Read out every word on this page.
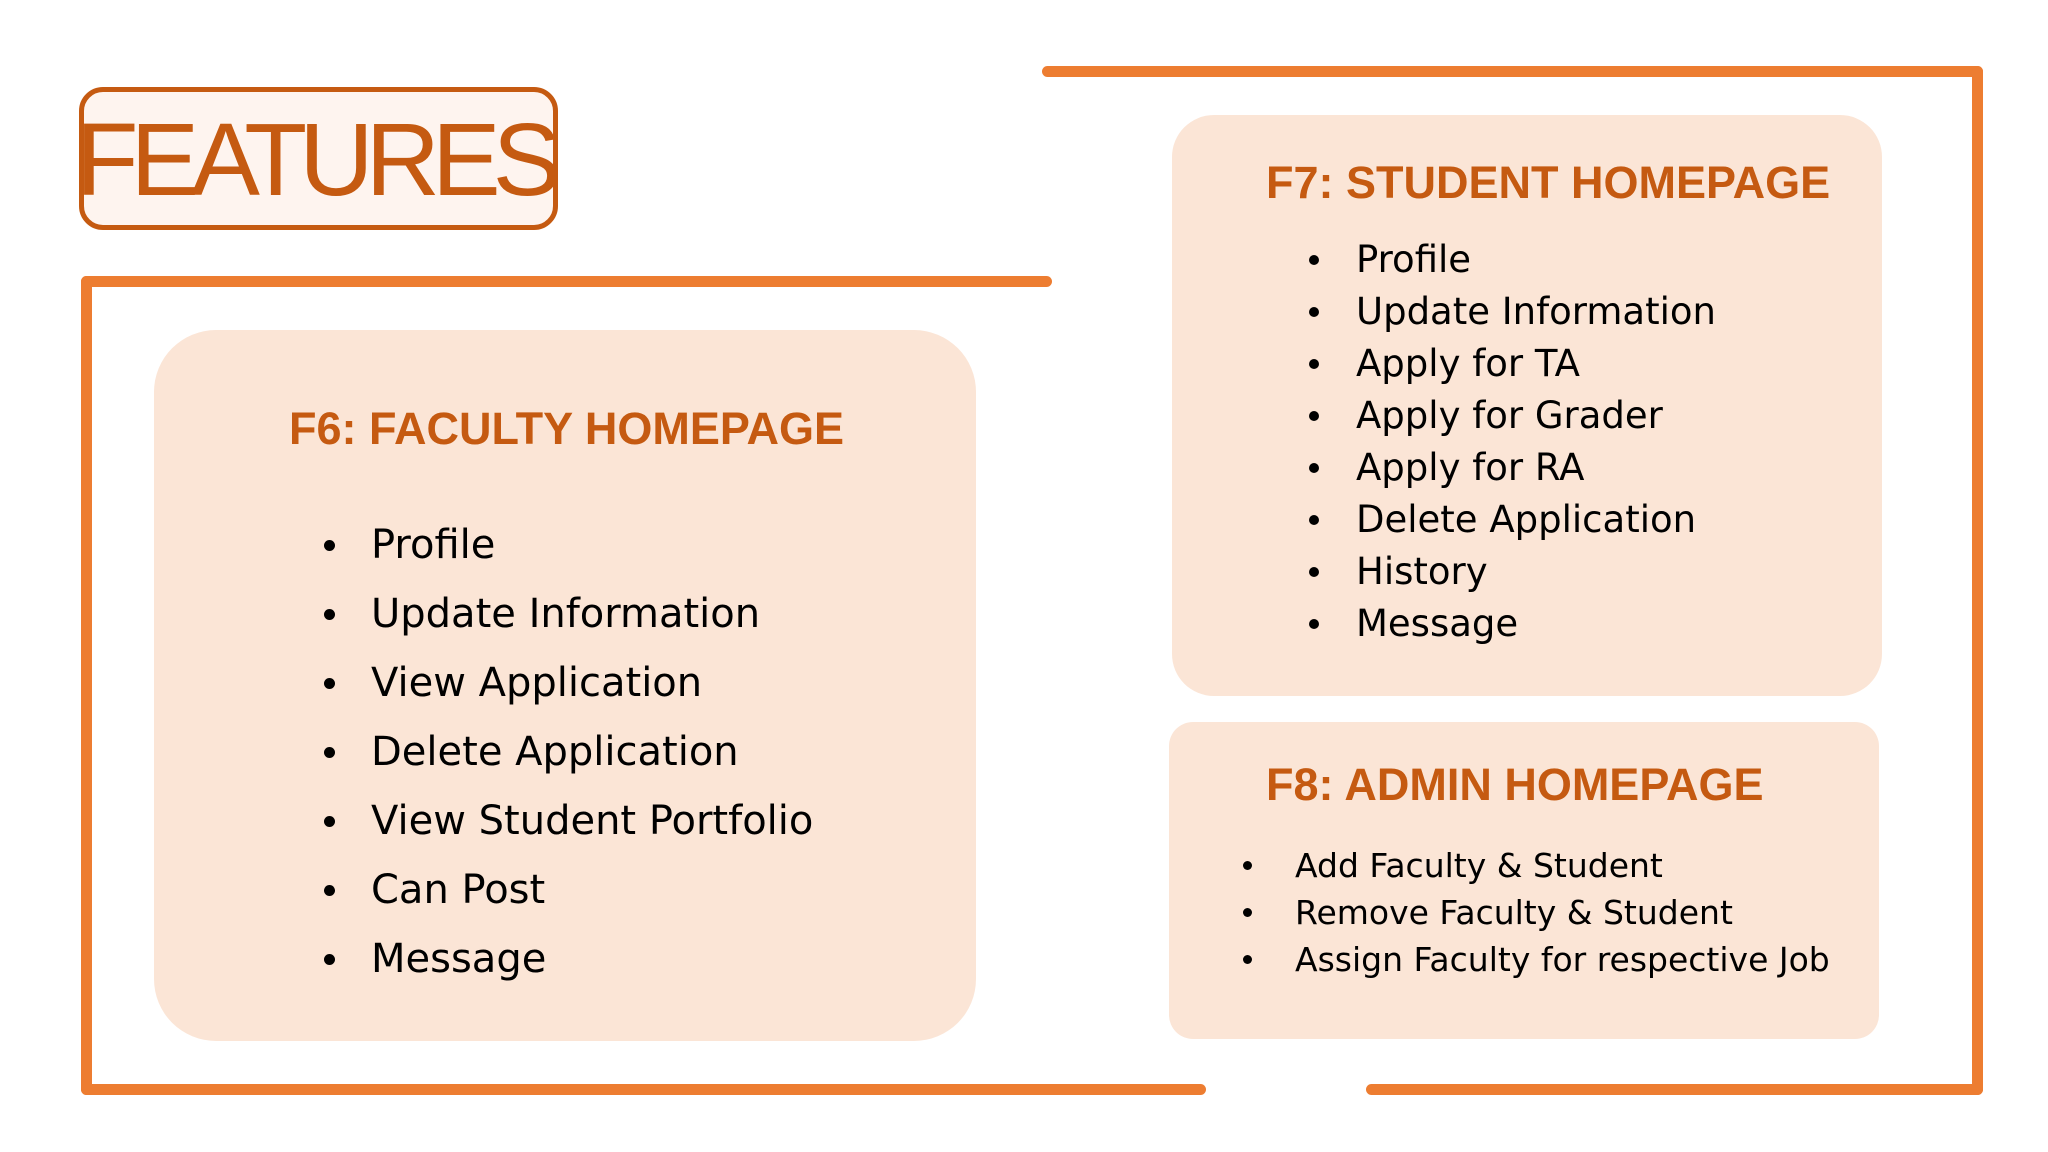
FEATURES
F6: FACULTY HOMEPAGE
Profile
Update Information
View Application
Delete Application
View Student Portfolio
Can Post
Message
F7: STUDENT HOMEPAGE
Profile
Update Information
Apply for TA
Apply for Grader
Apply for RA
Delete Application
History
Message
F8: ADMIN HOMEPAGE
Add Faculty & Student
Remove Faculty & Student
Assign Faculty for respective Job
